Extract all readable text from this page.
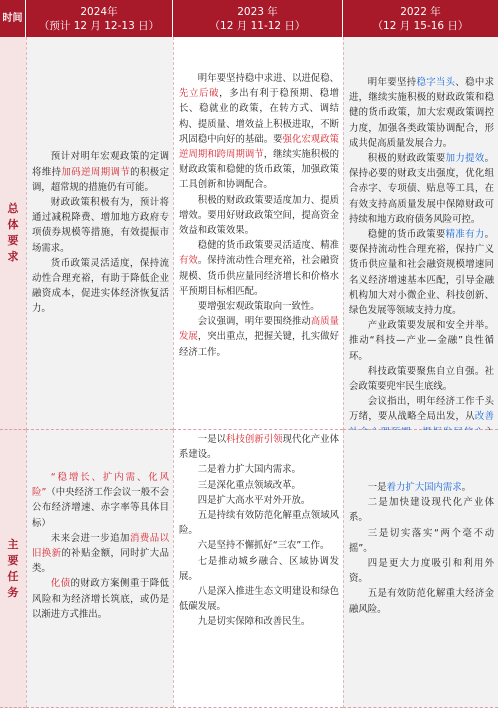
时间
2024年
（预计 12 月 12-13 日）
2023 年
（12 月 11-12 日）
2022 年
（12 月 15-16 日）
总体要求

预计对明年宏观政策的定调将维持加码逆周期调节的积极定调，超常规的措施仍有可能。

财政政策积极有为，预计将通过减税降费、增加地方政府专项债券规模等措施，有效提振市场需求。

货币政策灵活适度，保持流动性合理充裕，有助于降低企业融资成本，促进实体经济恢复活力。

明年要坚持稳中求进、以进促稳、先立后破，多出有利于稳预期、稳增长、稳就业的政策，在转方式、调结构、提质量、增效益上积极进取，不断巩固稳中向好的基础。要强化宏观政策逆周期和跨周期调节，继续实施积极的财政政策和稳健的货币政策，加强政策工具创新和协调配合。

积极的财政政策要适度加力、提质增效。要用好财政政策空间，提高资金效益和政策效果。

稳健的货币政策要灵活适度、精准有效。保持流动性合理充裕，社会融资规模、货币供应量同经济增长和价格水平预期目标相匹配。

要增强宏观政策取向一致性。

会议强调，明年要围绕推动高质量发展，突出重点，把握关键，扎实做好经济工作。

明年要坚持稳字当头、稳中求进，继续实施积极的财政政策和稳健的货币政策，加大宏观政策调控力度，加强各类政策协调配合，形成共促高质量发展合力。

积极的财政政策要加力提效。保持必要的财政支出强度，优化组合赤字、专项债、贴息等工具，在有效支持高质量发展中保障财政可持续和地方政府债务风险可控。

稳健的货币政策要精准有力。要保持流动性合理充裕，保持广义货币供应量和社会融资规模增速同名义经济增速基本匹配，引导金融机构加大对小微企业、科技创新、绿色发展等领域支持力度。

产业政策要发展和安全并举。推动“科技—产业—金融”良性循环。

科技政策要聚焦自立自强。社会政策要兜牢民生底线。

会议指出，明年经济工作千头万绪，要从战略全局出发，从改善

主要任务

“稳增长、扩内需、化风险”（中央经济工作会议一般不会公布经济增速、赤字率等具体目标）

未来会进一步追加消费品以旧换新的补贴金额，同时扩大品类。

化债的财政方案侧重于降低风险和为经济增长筑底，或仍是以渐进方式推出。

一是以科技创新引领现代化产业体系建设。

二是着力扩大国内需求。

三是深化重点领域改革。

四是扩大高水平对外开放。

五是持续有效防范化解重点领域风险。

六是坚持不懈抓好“三农”工作。

七是推动城乡融合、区域协调发展。

八是深入推进生态文明建设和绿色低碳发展。

九是切实保障和改善民生。

一是着力扩大国内需求。

二是加快建设现代化产业体系。

三是切实落实“两个毫不动摇”。

四是更大力度吸引和利用外资。

五是有效防范化解重大经济金融风险。
